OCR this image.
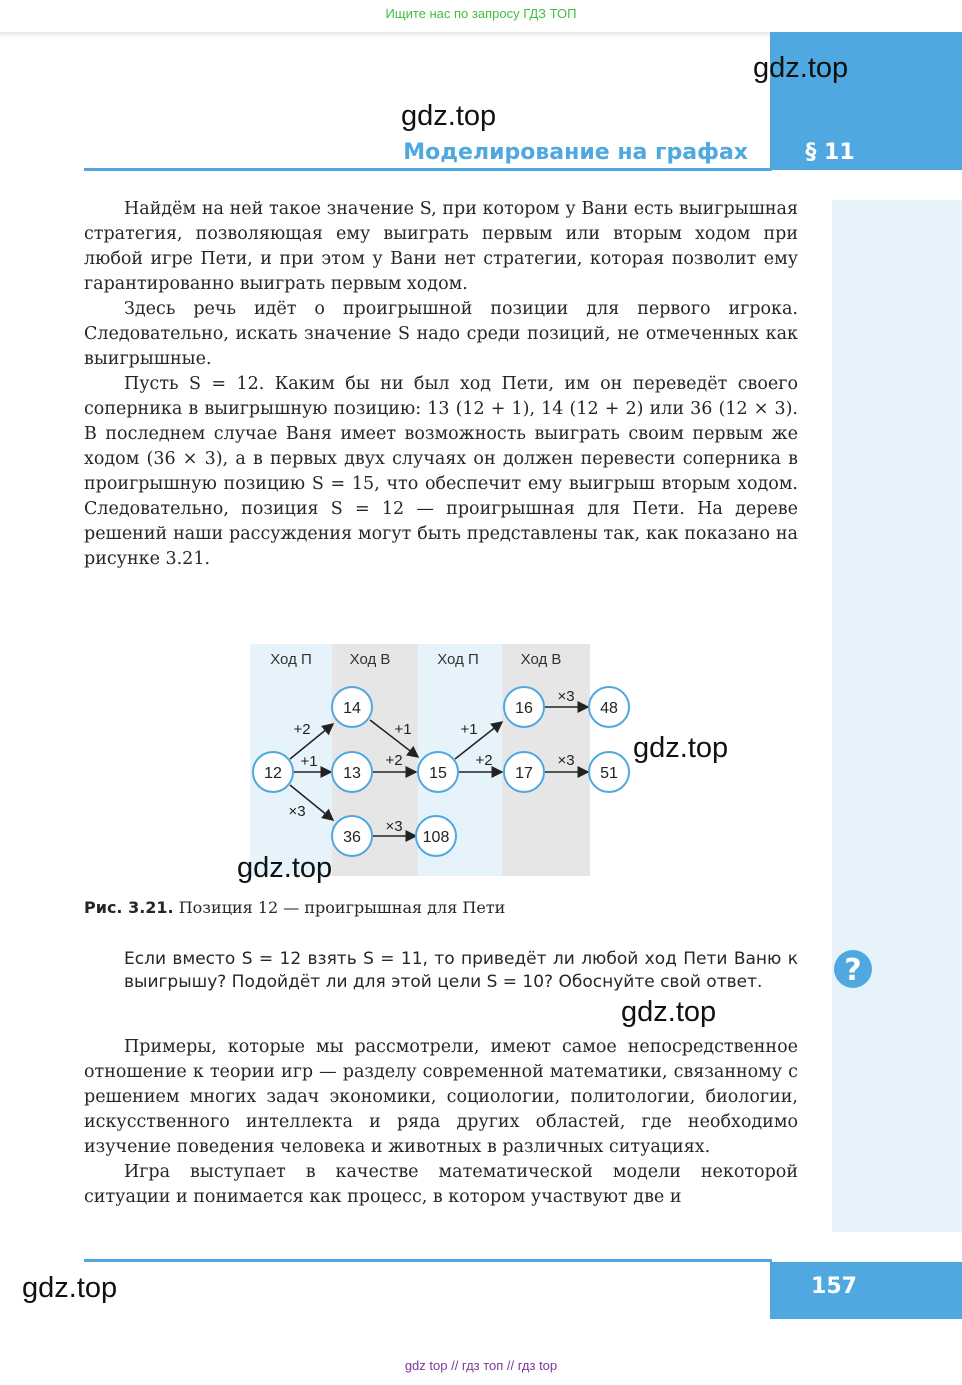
Ищите нас по запросу ГДЗ ТОП
Моделирование на графах	§ 11
gdz.top
gdz.top

Найдём на ней такое значение S, при котором у Вани есть выигрышная стратегия, позволяющая ему выиграть первым или вторым ходом при любой игре Пети, и при этом у Вани нет стратегии, которая позволит ему гарантированно выиграть первым ходом.

Здесь речь идёт о проигрышной позиции для первого игрока. Следовательно, искать значение S надо среди позиций, не отмеченных как выигрышные.

Пусть S = 12. Каким бы ни был ход Пети, им он переведёт своего соперника в выигрышную позицию: 13 (12 + 1), 14 (12 + 2) или 36 (12 × 3). В последнем случае Ваня имеет возможность выиграть своим первым же ходом (36 × 3), а в первых двух случаях он должен перевести соперника в проигрышную позицию S = 15, что обеспечит ему выигрыш вторым ходом. Следовательно, позиция S = 12 — проигрышная для Пети. На дереве решений наши рассуждения могут быть представлены так, как показано на рисунке 3.21.

Ход П	Ход В	Ход П	Ход В
+2
+1
×3
+1
+2
×3
+1
+2
×3
×3
12
14
13
36
15
108
16
17
48
51
gdz.top
gdz.top
Рис. 3.21. Позиция 12 — проигрышная для Пети
?
Если вместо S = 12 взять S = 11, то приведёт ли любой ход Пети Ваню к выигрышу? Подойдёт ли для этой цели S = 10? Обоснуйте свой ответ.
gdz.top

Примеры, которые мы рассмотрели, имеют самое непосредственное отношение к теории игр — разделу современной математики, связанному с решением многих задач экономики, социологии, политологии, биологии, искусственного интеллекта и ряда других областей, где необходимо изучение поведения человека и животных в различных ситуациях.

Игра выступает в качестве математической модели некоторой ситуации и понимается как процесс, в котором участвуют две и

157
gdz.top
gdz top // гдз топ // гдз top
